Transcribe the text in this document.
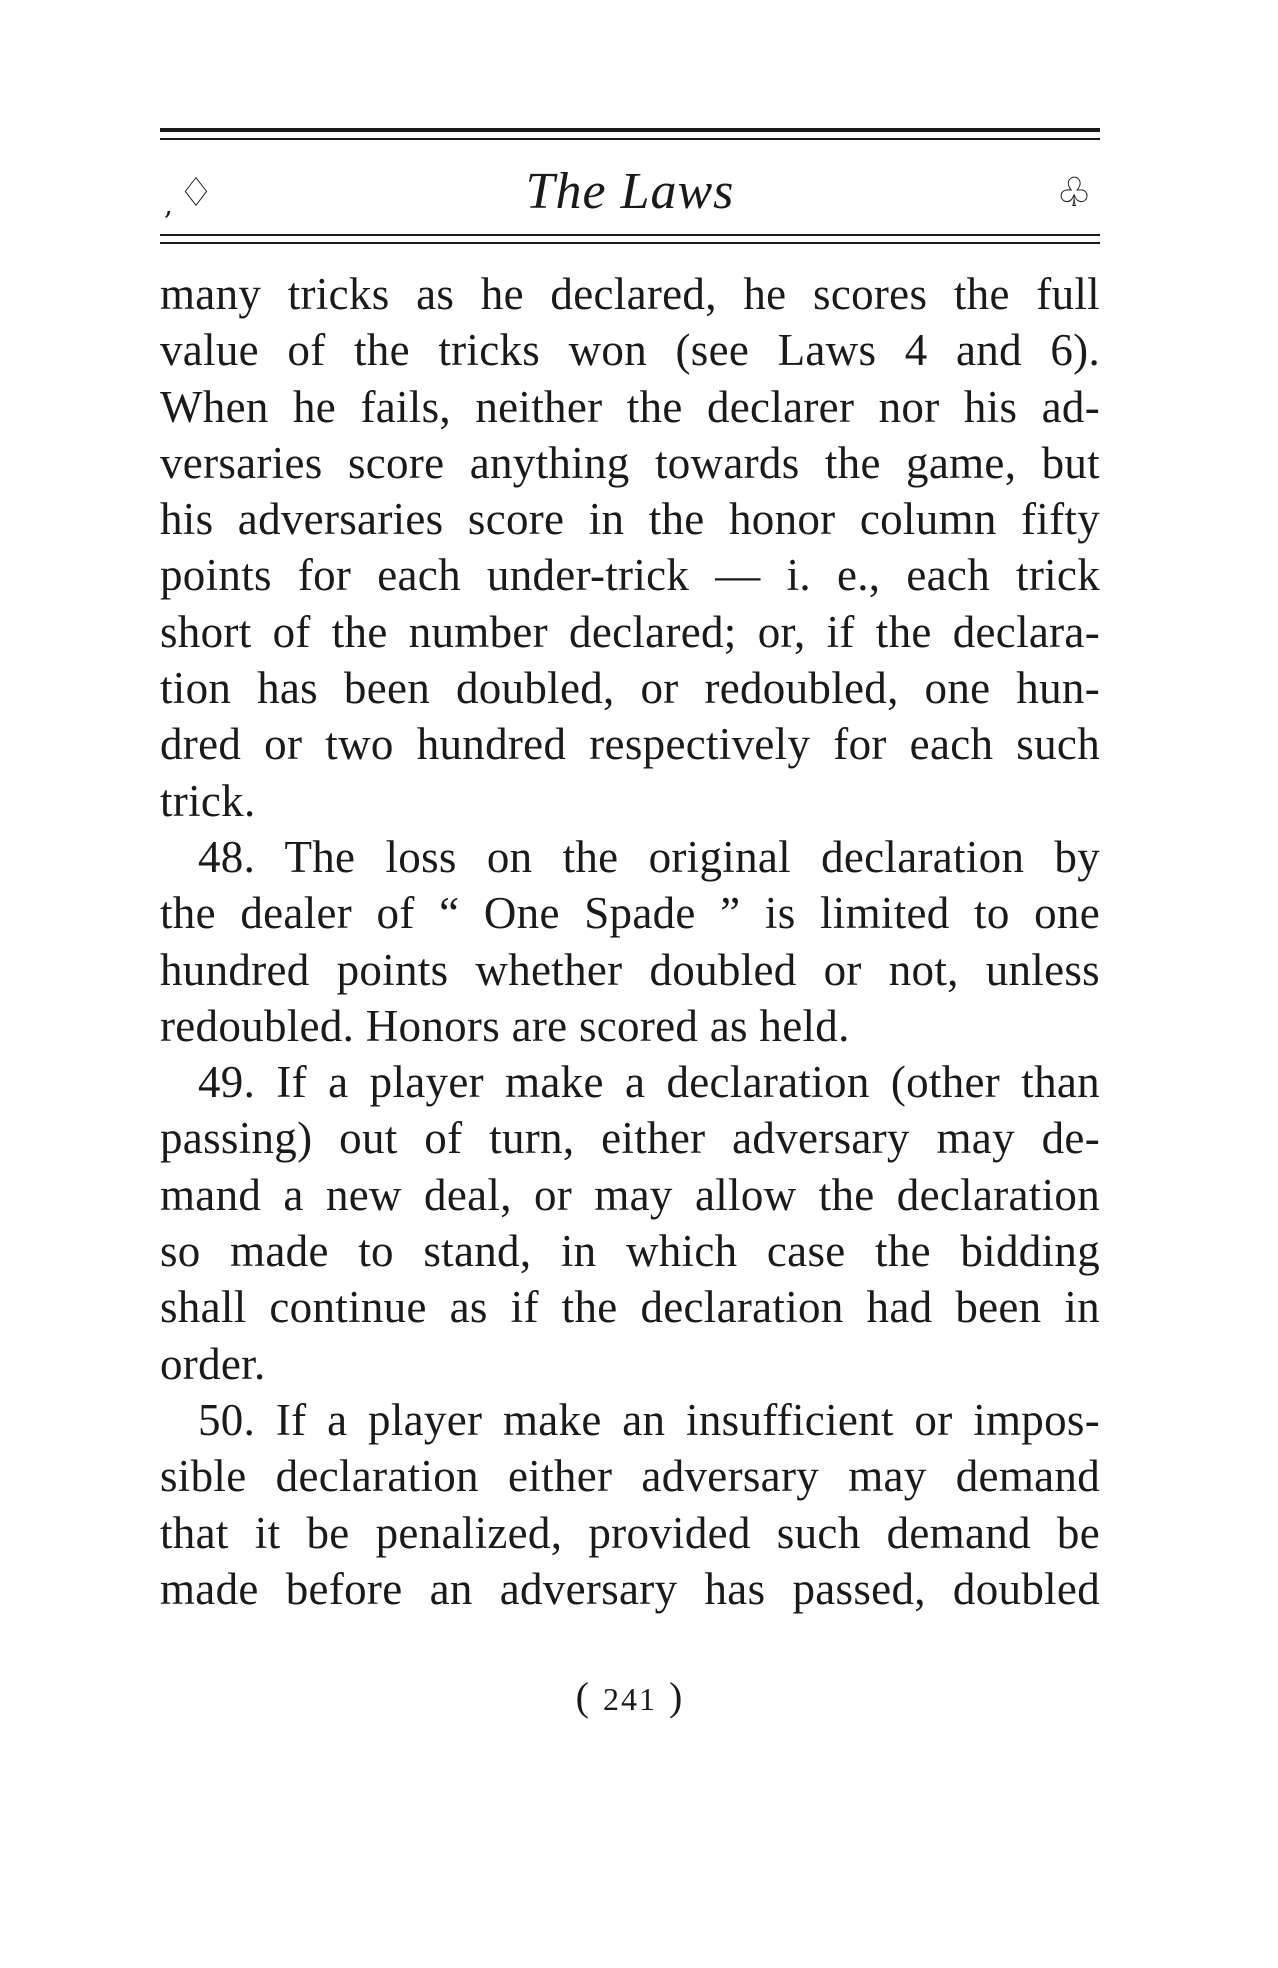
, ♢	The Laws	♧
many tricks as he declared, he scores the full
value of the tricks won (see Laws 4 and 6).
When he fails, neither the declarer nor his ad-
versaries score anything towards the game, but
his adversaries score in the honor column fifty
points for each under-trick — i. e., each trick
short of the number declared; or, if the declara-
tion has been doubled, or redoubled, one hun-
dred or two hundred respectively for each such
trick.
48. The loss on the original declaration by
the dealer of “ One Spade ” is limited to one
hundred points whether doubled or not, unless
redoubled. Honors are scored as held.
49. If a player make a declaration (other than
passing) out of turn, either adversary may de-
mand a new deal, or may allow the declaration
so made to stand, in which case the bidding
shall continue as if the declaration had been in
order.
50. If a player make an insufficient or impos-
sible declaration either adversary may demand
that it be penalized, provided such demand be
made before an adversary has passed, doubled
( 241 )
